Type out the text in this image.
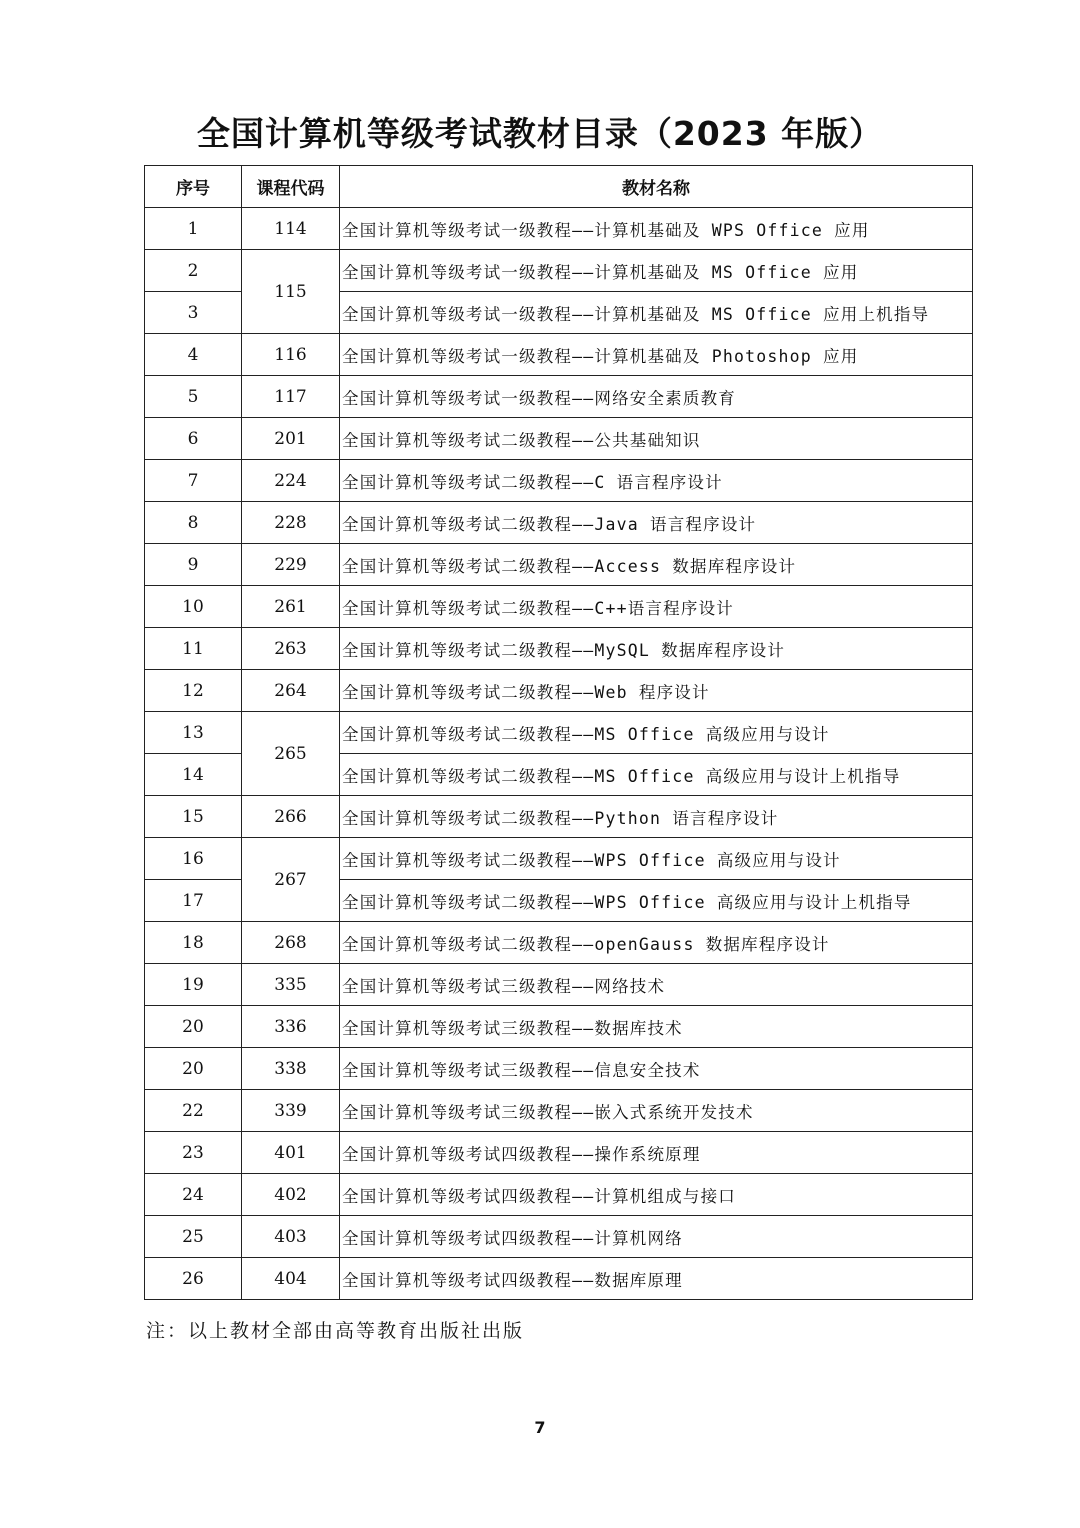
全国计算机等级考试教材目录（2023 年版）
序号	课程代码	教材名称
1	114	全国计算机等级考试一级教程——计算机基础及 WPS Office 应用
2	115	全国计算机等级考试一级教程——计算机基础及 MS Office 应用
3		全国计算机等级考试一级教程——计算机基础及 MS Office 应用上机指导
4	116	全国计算机等级考试一级教程——计算机基础及 Photoshop 应用
5	117	全国计算机等级考试一级教程——网络安全素质教育
6	201	全国计算机等级考试二级教程——公共基础知识
7	224	全国计算机等级考试二级教程——C 语言程序设计
8	228	全国计算机等级考试二级教程——Java 语言程序设计
9	229	全国计算机等级考试二级教程——Access 数据库程序设计
10	261	全国计算机等级考试二级教程——C++语言程序设计
11	263	全国计算机等级考试二级教程——MySQL 数据库程序设计
12	264	全国计算机等级考试二级教程——Web 程序设计
13	265	全国计算机等级考试二级教程——MS Office 高级应用与设计
14		全国计算机等级考试二级教程——MS Office 高级应用与设计上机指导
15	266	全国计算机等级考试二级教程——Python 语言程序设计
16	267	全国计算机等级考试二级教程——WPS Office 高级应用与设计
17		全国计算机等级考试二级教程——WPS Office 高级应用与设计上机指导
18	268	全国计算机等级考试二级教程——openGauss 数据库程序设计
19	335	全国计算机等级考试三级教程——网络技术
20	336	全国计算机等级考试三级教程——数据库技术
20	338	全国计算机等级考试三级教程——信息安全技术
22	339	全国计算机等级考试三级教程——嵌入式系统开发技术
23	401	全国计算机等级考试四级教程——操作系统原理
24	402	全国计算机等级考试四级教程——计算机组成与接口
25	403	全国计算机等级考试四级教程——计算机网络
26	404	全国计算机等级考试四级教程——数据库原理
注：以上教材全部由高等教育出版社出版
7
